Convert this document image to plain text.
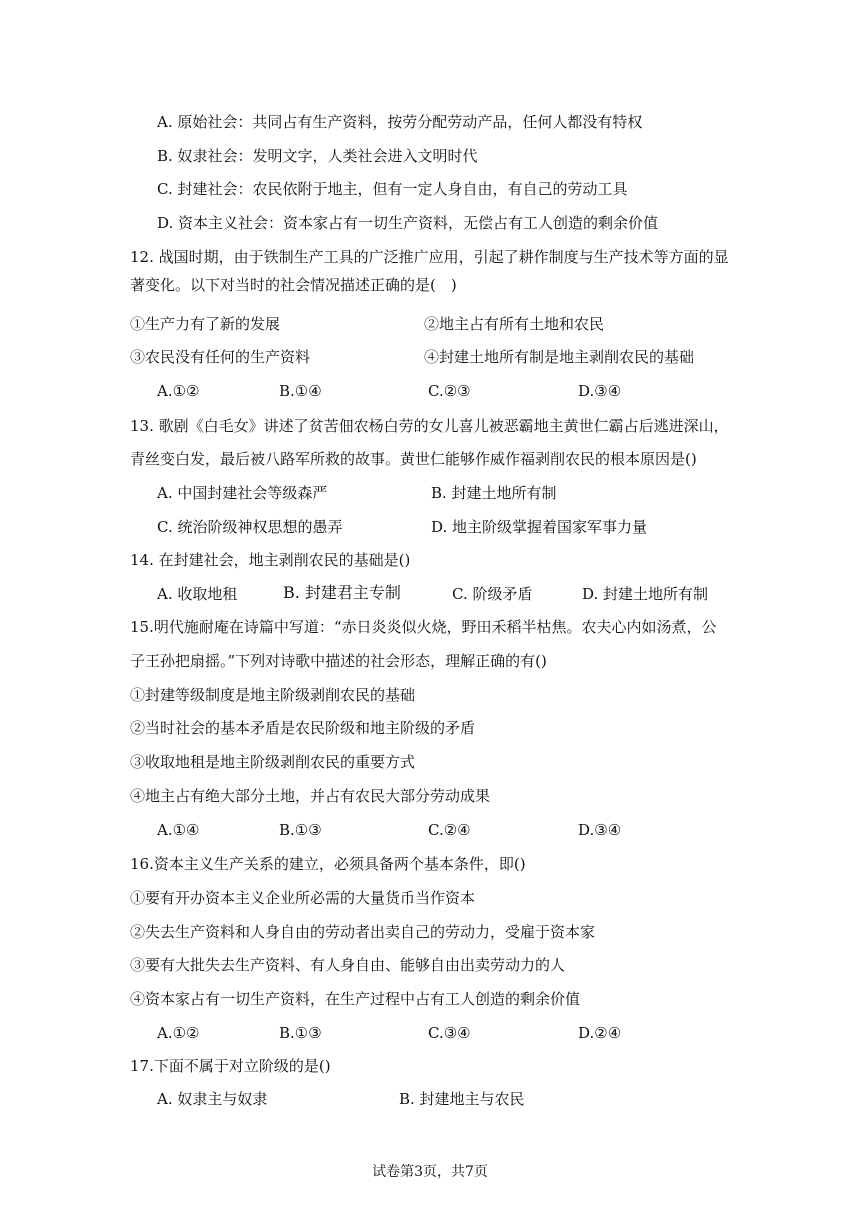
A. 原始社会：共同占有生产资料，按劳分配劳动产品，任何人都没有特权
B. 奴隶社会：发明文字，人类社会进入文明时代
C. 封建社会：农民依附于地主，但有一定人身自由，有自己的劳动工具
D. 资本主义社会：资本家占有一切生产资料，无偿占有工人创造的剩余价值
12. 战国时期，由于铁制生产工具的广泛推广应用，引起了耕作制度与生产技术等方面的显
著变化。以下对当时的社会情况描述正确的是(　)
①生产力有了新的发展	②地主占有所有土地和农民
③农民没有任何的生产资料	④封建土地所有制是地主剥削农民的基础
A.①②	B.①④	C.②③	D.③④
13. 歌剧《白毛女》讲述了贫苦佃农杨白劳的女儿喜儿被恶霸地主黄世仁霸占后逃进深山，
青丝变白发，最后被八路军所救的故事。黄世仁能够作威作福剥削农民的根本原因是()
A. 中国封建社会等级森严	B. 封建土地所有制
C. 统治阶级神权思想的愚弄	D. 地主阶级掌握着国家军事力量
14. 在封建社会，地主剥削农民的基础是()
A. 收取地租	B. 封建君主专制	C. 阶级矛盾	D. 封建土地所有制
15.明代施耐庵在诗篇中写道：“赤日炎炎似火烧，野田禾稻半枯焦。农夫心内如汤煮，公
子王孙把扇摇。”下列对诗歌中描述的社会形态，理解正确的有()
①封建等级制度是地主阶级剥削农民的基础
②当时社会的基本矛盾是农民阶级和地主阶级的矛盾
③收取地租是地主阶级剥削农民的重要方式
④地主占有绝大部分土地，并占有农民大部分劳动成果
A.①④	B.①③	C.②④	D.③④
16.资本主义生产关系的建立，必须具备两个基本条件，即()
①要有开办资本主义企业所必需的大量货币当作资本
②失去生产资料和人身自由的劳动者出卖自己的劳动力，受雇于资本家
③要有大批失去生产资料、有人身自由、能够自由出卖劳动力的人
④资本家占有一切生产资料，在生产过程中占有工人创造的剩余价值
A.①②	B.①③	C.③④	D.②④
17.下面不属于对立阶级的是()
A. 奴隶主与奴隶	B. 封建地主与农民
试卷第3页，共7页
